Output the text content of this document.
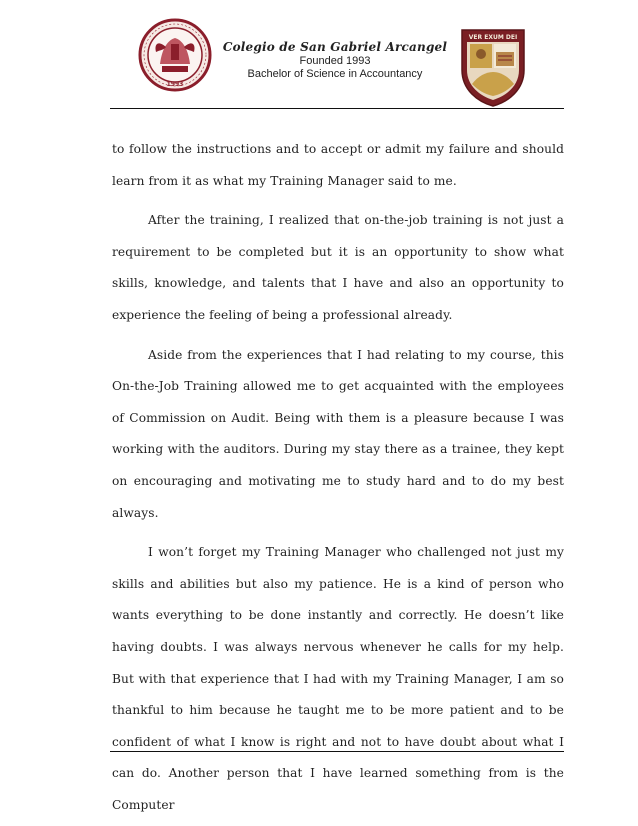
1993
Colegio de San Gabriel Arcangel
Founded 1993
Bachelor of Science in Accountancy
VER EXUM DEI

to follow the instructions and to accept or admit my failure and should learn from it as what my Training Manager said to me.

After the training, I realized that on-the-job training is not just a requirement to be completed but it is an opportunity to show what skills, knowledge, and talents that I have and also an opportunity to experience the feeling of being a professional already.

Aside from the experiences that I had relating to my course, this On-the-Job Training allowed me to get acquainted with the employees of Commission on Audit. Being with them is a pleasure because I was working with the auditors. During my stay there as a trainee, they kept on encouraging and motivating me to study hard and to do my best always.

I won’t forget my Training Manager who challenged not just my skills and abilities but also my patience. He is a kind of person who wants everything to be done instantly and correctly. He doesn’t like having doubts. I was always nervous whenever he calls for my help. But with that experience that I had with my Training Manager, I am so thankful to him because he taught me to be more patient and to be confident of what I know is right and not to have doubt about what I can do. Another person that I have learned something from is the Computer
